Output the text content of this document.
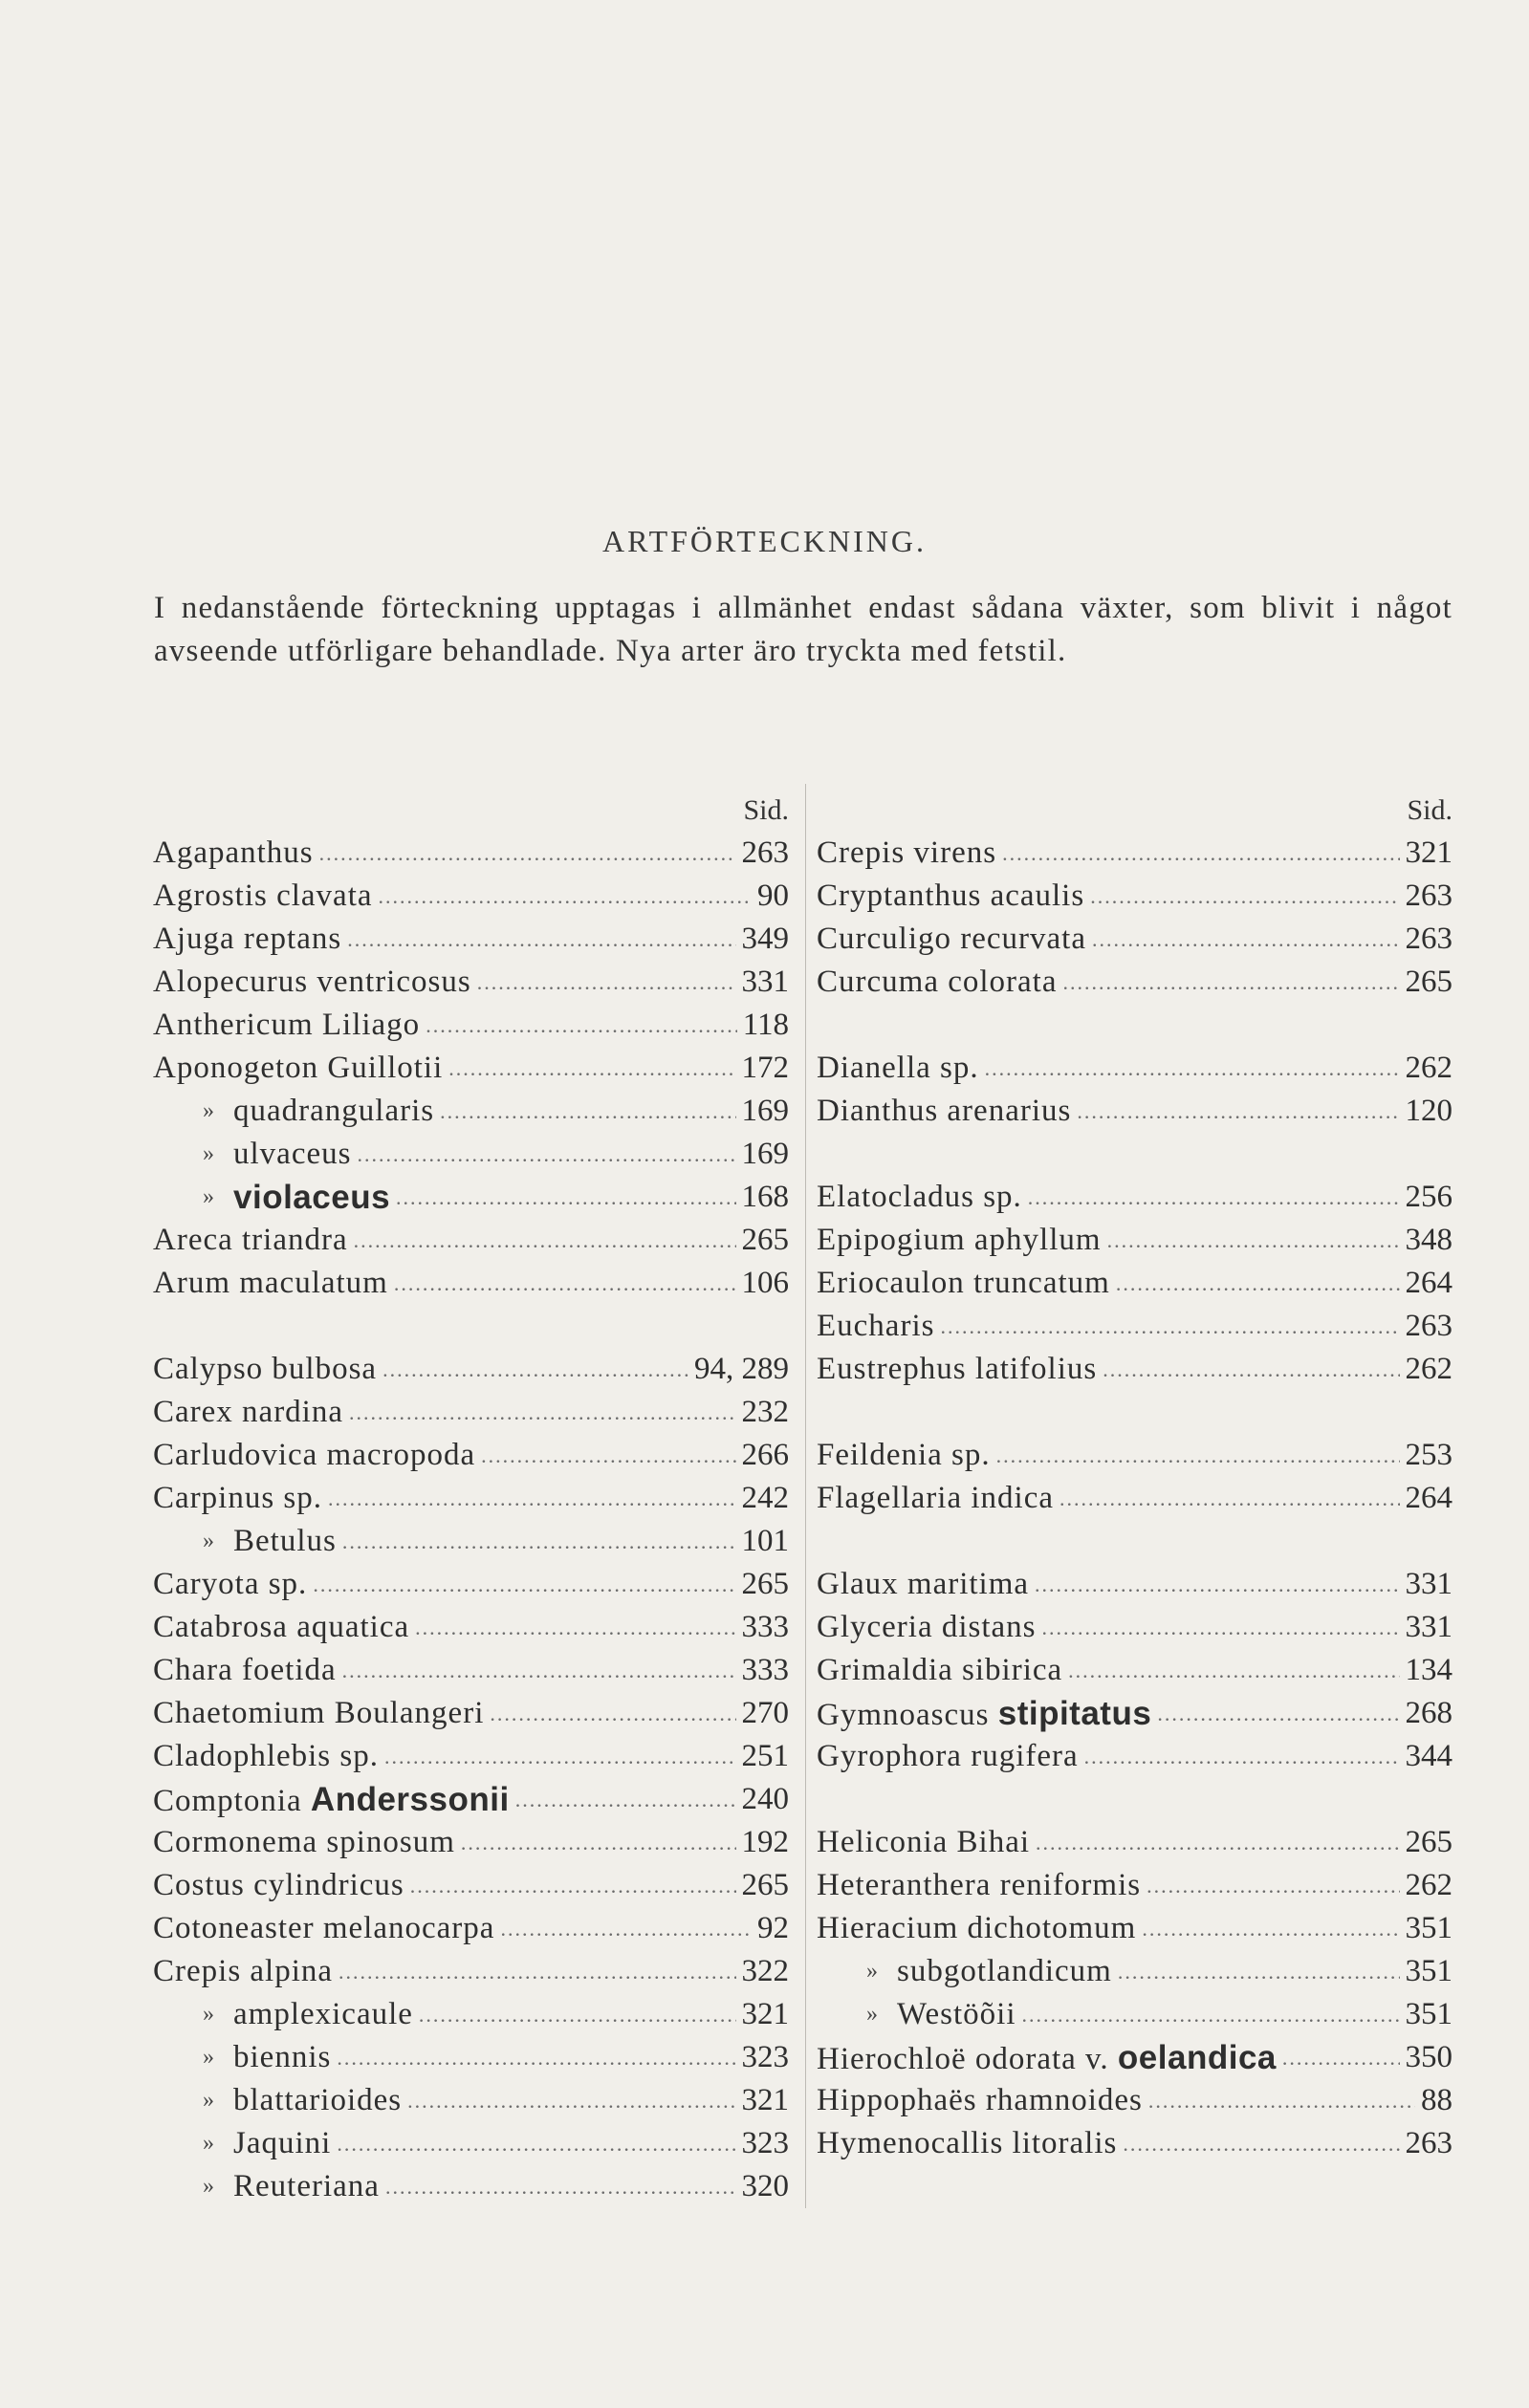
ARTFÖRTECKNING.
I nedanstående förteckning upptagas i allmänhet endast sådana växter, som blivit i något avseende utförligare behandlade. Nya arter äro tryckta med fetstil.
Sid.
Agapanthus .....	263
Agrostis clavata .....	90
Ajuga reptans .....	349
Alopecurus ventricosus .....	331
Anthericum Liliago .....	118
Aponogeton Guillotii .....	172
» quadrangularis .....	169
» ulvaceus .....	169
» violaceus .....	168
Areca triandra .....	265
Arum maculatum .....	106
Calypso bulbosa .....	94, 289
Carex nardina .....	232
Carludovica macropoda .....	266
Carpinus sp. .....	242
» Betulus .....	101
Caryota sp. .....	265
Catabrosa aquatica .....	333
Chara foetida .....	333
Chaetomium Boulangeri .....	270
Cladophlebis sp. .....	251
Comptonia Anderssonii .....	240
Cormonema spinosum .....	192
Costus cylindricus .....	265
Cotoneaster melanocarpa .....	92
Crepis alpina .....	322
» amplexicaule .....	321
» biennis .....	323
» blattarioides .....	321
» Jaquini .....	323
» Reuteriana .....	320
Sid.
Crepis virens .....	321
Cryptanthus acaulis .....	263
Curculigo recurvata .....	263
Curcuma colorata .....	265
Dianella sp. .....	262
Dianthus arenarius .....	120
Elatocladus sp. .....	256
Epipogium aphyllum .....	348
Eriocaulon truncatum .....	264
Eucharis .....	263
Eustrephus latifolius .....	262
Feildenia sp. .....	253
Flagellaria indica .....	264
Glaux maritima .....	331
Glyceria distans .....	331
Grimaldia sibirica .....	134
Gymnoascus stipitatus .....	268
Gyrophora rugifera .....	344
Heliconia Bihai .....	265
Heteranthera reniformis .....	262
Hieracium dichotomum .....	351
» subgotlandicum .....	351
» Westöõii .....	351
Hierochloë odorata v. oelandica .....	350
Hippophaës rhamnoides .....	88
Hymenocallis litoralis .....	263
